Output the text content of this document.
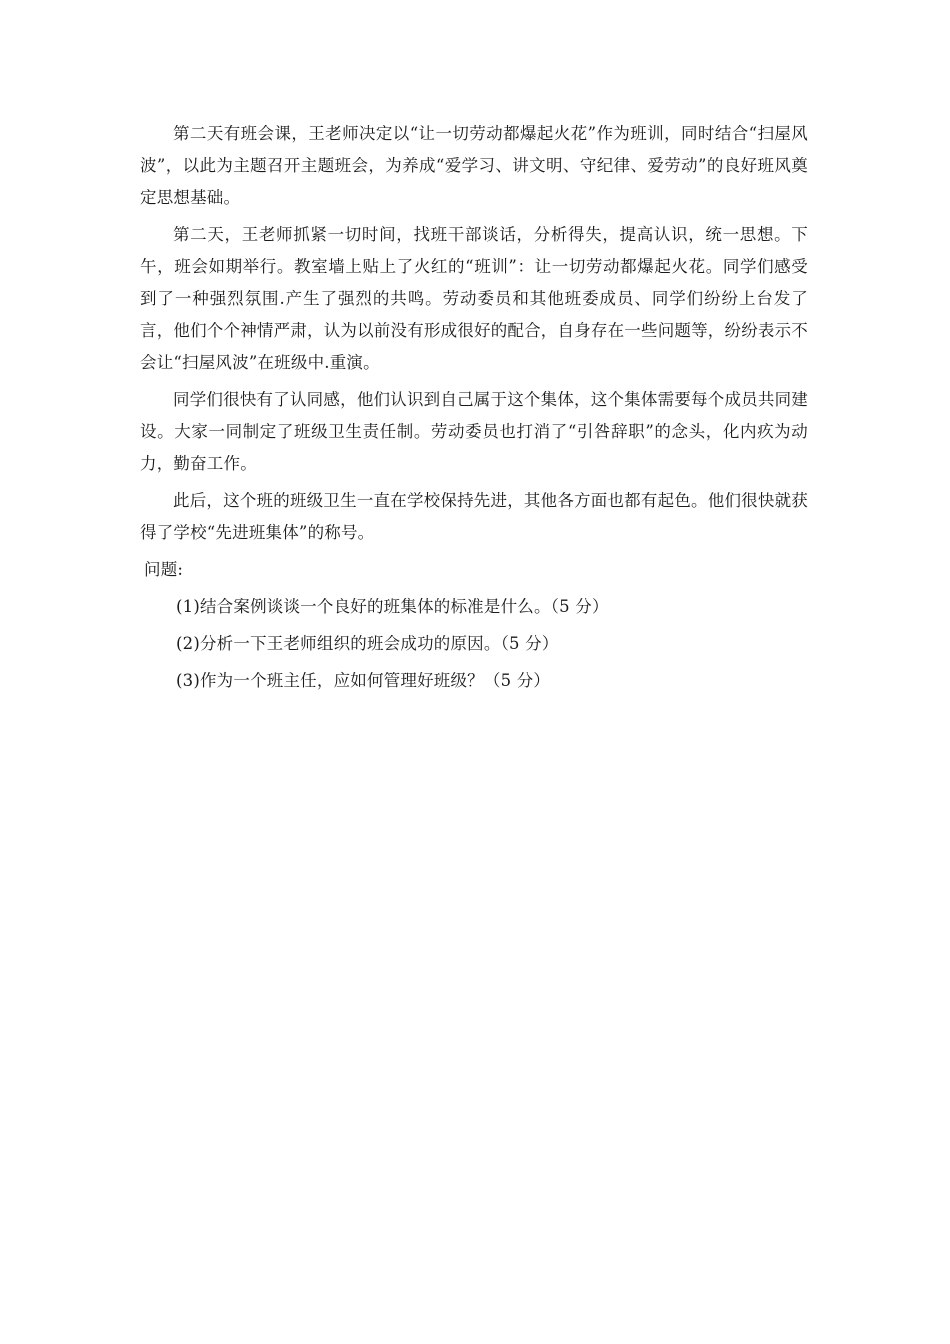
第二天有班会课，王老师决定以“让一切劳动都爆起火花”作为班训，同时结合“扫屋风波”，以此为主题召开主题班会，为养成“爱学习、讲文明、守纪律、爱劳动”的良好班风奠定思想基础。

第二天，王老师抓紧一切时间，找班干部谈话，分析得失，提高认识，统一思想。下午，班会如期举行。教室墙上贴上了火红的“班训”：让一切劳动都爆起火花。同学们感受到了一种强烈氛围.产生了强烈的共鸣。劳动委员和其他班委成员、同学们纷纷上台发了言，他们个个神情严肃，认为以前没有形成很好的配合，自身存在一些问题等，纷纷表示不会让“扫屋风波”在班级中.重演。

同学们很快有了认同感，他们认识到自己属于这个集体，这个集体需要每个成员共同建设。大家一同制定了班级卫生责任制。劳动委员也打消了“引咎辞职”的念头，化内疚为动力，勤奋工作。

此后，这个班的班级卫生一直在学校保持先进，其他各方面也都有起色。他们很快就获得了学校“先进班集体”的称号。

问题:

(1)结合案例谈谈一个良好的班集体的标准是什么。（5 分）

(2)分析一下王老师组织的班会成功的原因。（5 分）

(3)作为一个班主任，应如何管理好班级？（5 分）
